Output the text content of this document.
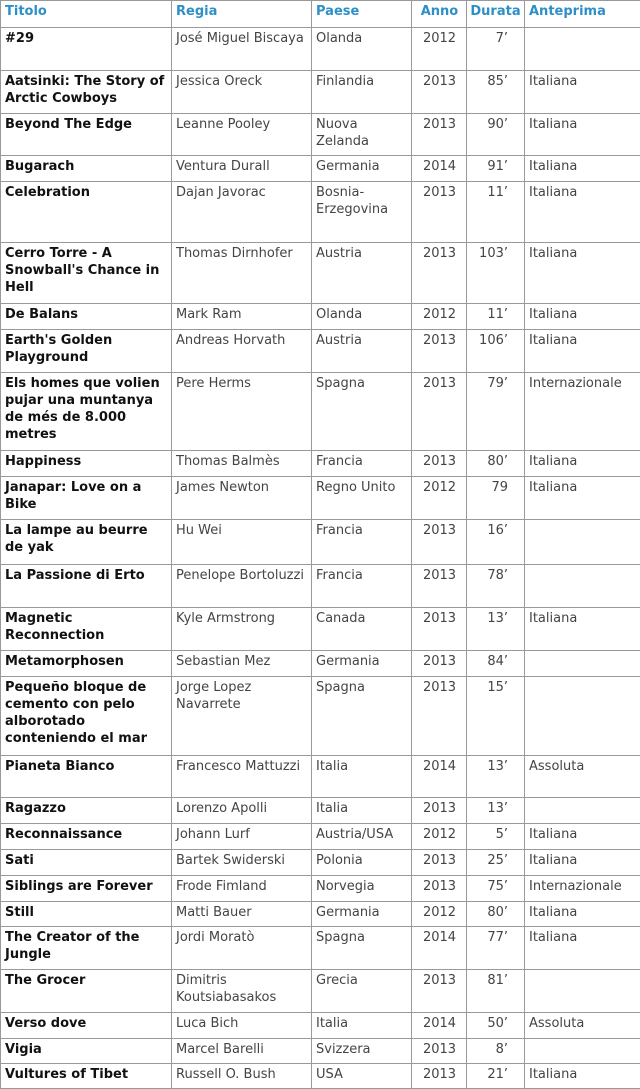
Titolo	Regia	Paese	Anno	Durata	Anteprima
#29	José Miguel Biscaya	Olanda	2012	7’	
Aatsinki: The Story of Arctic Cowboys	Jessica Oreck	Finlandia	2013	85’	Italiana
Beyond The Edge	Leanne Pooley	Nuova Zelanda	2013	90’	Italiana
Bugarach	Ventura Durall	Germania	2014	91’	Italiana
Celebration	Dajan Javorac	Bosnia-Erzegovina	2013	11’	Italiana
Cerro Torre - A Snowball's Chance in Hell	Thomas Dirnhofer	Austria	2013	103’	Italiana
De Balans	Mark Ram	Olanda	2012	11’	Italiana
Earth's Golden Playground	Andreas Horvath	Austria	2013	106’	Italiana
Els homes que volien pujar una muntanya de més de 8.000 metres	Pere Herms	Spagna	2013	79’	Internazionale
Happiness	Thomas Balmès	Francia	2013	80’	Italiana
Janapar: Love on a Bike	James Newton	Regno Unito	2012	79	Italiana
La lampe au beurre de yak	Hu Wei	Francia	2013	16’	
La Passione di Erto	Penelope Bortoluzzi	Francia	2013	78’	
Magnetic Reconnection	Kyle Armstrong	Canada	2013	13’	Italiana
Metamorphosen	Sebastian Mez	Germania	2013	84’	
Pequeño bloque de cemento con pelo alborotado conteniendo el mar	Jorge Lopez Navarrete	Spagna	2013	15’	
Pianeta Bianco	Francesco Mattuzzi	Italia	2014	13’	Assoluta
Ragazzo	Lorenzo Apolli	Italia	2013	13’	
Reconnaissance	Johann Lurf	Austria/USA	2012	5’	Italiana
Sati	Bartek Swiderski	Polonia	2013	25’	Italiana
Siblings are Forever	Frode Fimland	Norvegia	2013	75’	Internazionale
Still	Matti Bauer	Germania	2012	80’	Italiana
The Creator of the Jungle	Jordi Moratò	Spagna	2014	77’	Italiana
The Grocer	Dimitris Koutsiabasakos	Grecia	2013	81’	
Verso dove	Luca Bich	Italia	2014	50’	Assoluta
Vigia	Marcel Barelli	Svizzera	2013	8’	
Vultures of Tibet	Russell O. Bush	USA	2013	21’	Italiana
